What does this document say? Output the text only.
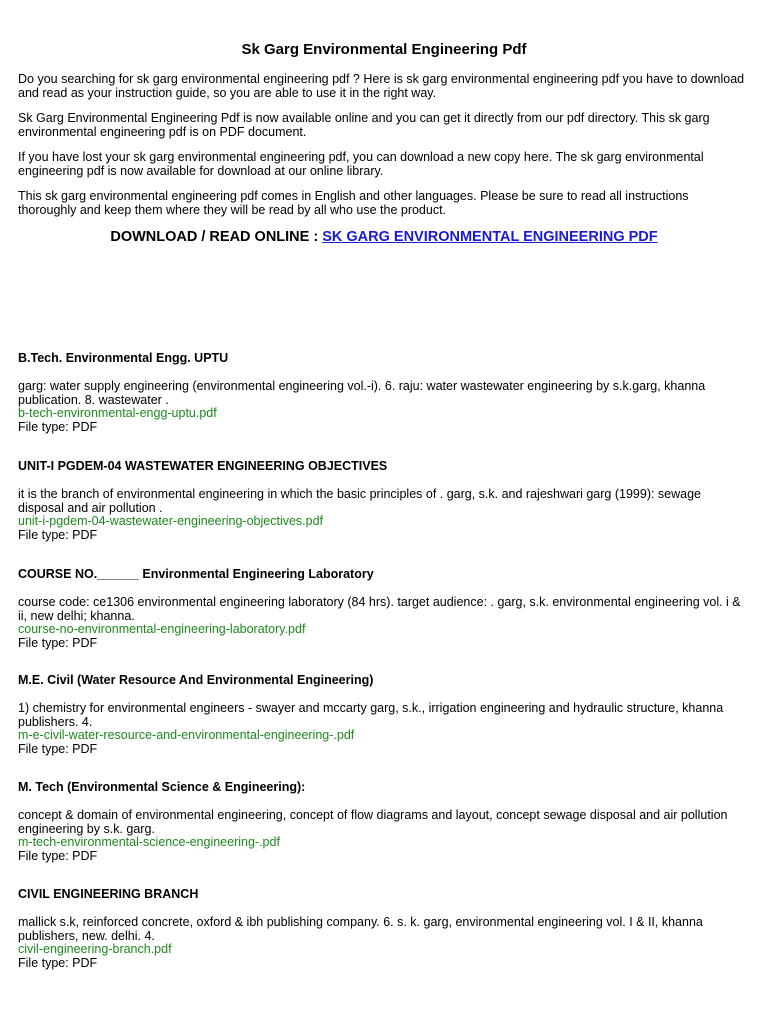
Sk Garg Environmental Engineering Pdf

Do you searching for sk garg environmental engineering pdf ? Here is sk garg environmental engineering pdf you have to download and read as your instruction guide, so you are able to use it in the right way.

Sk Garg Environmental Engineering Pdf is now available online and you can get it directly from our pdf directory. This sk garg environmental engineering pdf is on PDF document.

If you have lost your sk garg environmental engineering pdf, you can download a new copy here. The sk garg environmental engineering pdf is now available for download at our online library.

This sk garg environmental engineering pdf comes in English and other languages. Please be sure to read all instructions thoroughly and keep them where they will be read by all who use the product.

DOWNLOAD / READ ONLINE : SK GARG ENVIRONMENTAL ENGINEERING PDF
B.Tech. Environmental Engg. UPTU
garg: water supply engineering (environmental engineering vol.-i). 6. raju: water wastewater engineering by s.k.garg, khanna publication. 8. wastewater .
b-tech-environmental-engg-uptu.pdf
File type: PDF
UNIT-I PGDEM-04 WASTEWATER ENGINEERING OBJECTIVES
it is the branch of environmental engineering in which the basic principles of . garg, s.k. and rajeshwari garg (1999): sewage disposal and air pollution .
unit-i-pgdem-04-wastewater-engineering-objectives.pdf
File type: PDF
COURSE NO.______ Environmental Engineering Laboratory
course code: ce1306 environmental engineering laboratory (84 hrs). target audience: . garg, s.k. environmental engineering vol. i & ii, new delhi; khanna.
course-no-environmental-engineering-laboratory.pdf
File type: PDF
M.E. Civil (Water Resource And Environmental Engineering)
1) chemistry for environmental engineers - swayer and mccarty garg, s.k., irrigation engineering and hydraulic structure, khanna publishers. 4.
m-e-civil-water-resource-and-environmental-engineering-.pdf
File type: PDF
M. Tech (Environmental Science & Engineering):
concept & domain of environmental engineering, concept of flow diagrams and layout, concept sewage disposal and air pollution engineering by s.k. garg.
m-tech-environmental-science-engineering-.pdf
File type: PDF
CIVIL ENGINEERING BRANCH
mallick s.k, reinforced concrete, oxford & ibh publishing company. 6. s. k. garg, environmental engineering vol. I & II, khanna publishers, new. delhi. 4.
civil-engineering-branch.pdf
File type: PDF
